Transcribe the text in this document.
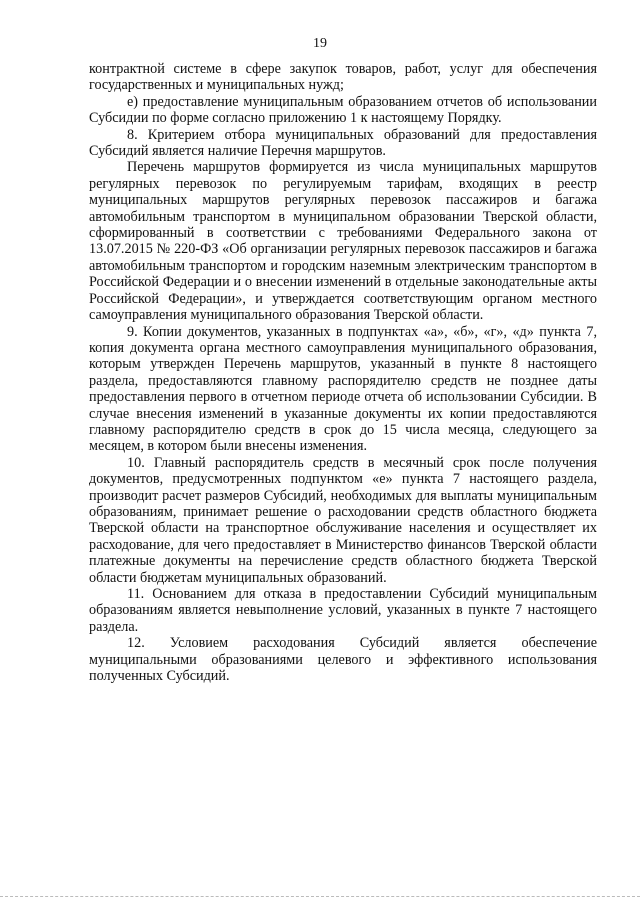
19

контрактной системе в сфере закупок товаров, работ, услуг для обеспечения государственных и муниципальных нужд;

е) предоставление муниципальным образованием отчетов об использовании Субсидии по форме согласно приложению 1 к настоящему Порядку.

8. Критерием отбора муниципальных образований для предоставления Субсидий является наличие Перечня маршрутов.

Перечень маршрутов формируется из числа муниципальных маршрутов регулярных перевозок по регулируемым тарифам, входящих в реестр муниципальных маршрутов регулярных перевозок пассажиров и багажа автомобильным транспортом в муниципальном образовании Тверской области, сформированный в соответствии с требованиями Федерального закона от 13.07.2015 № 220-ФЗ «Об организации регулярных перевозок пассажиров и багажа автомобильным транспортом и городским наземным электрическим транспортом в Российской Федерации и о внесении изменений в отдельные законодательные акты Российской Федерации», и утверждается соответствующим органом местного самоуправления муниципального образования Тверской области.

9. Копии документов, указанных в подпунктах «а», «б», «г», «д» пункта 7, копия документа органа местного самоуправления муниципального образования, которым утвержден Перечень маршрутов, указанный в пункте 8 настоящего раздела, предоставляются главному распорядителю средств не позднее даты предоставления первого в отчетном периоде отчета об использовании Субсидии. В случае внесения изменений в указанные документы их копии предоставляются главному распорядителю средств в срок до 15 числа месяца, следующего за месяцем, в котором были внесены изменения.

10. Главный распорядитель средств в месячный срок после получения документов, предусмотренных подпунктом «е» пункта 7 настоящего раздела, производит расчет размеров Субсидий, необходимых для выплаты муниципальным образованиям, принимает решение о расходовании средств областного бюджета Тверской области на транспортное обслуживание населения и осуществляет их расходование, для чего предоставляет в Министерство финансов Тверской области платежные документы на перечисление средств областного бюджета Тверской области бюджетам муниципальных образований.

11. Основанием для отказа в предоставлении Субсидий муниципальным образованиям является невыполнение условий, указанных в пункте 7 настоящего раздела.

12. Условием расходования Субсидий является обеспечение муниципальными образованиями целевого и эффективного использования полученных Субсидий.
